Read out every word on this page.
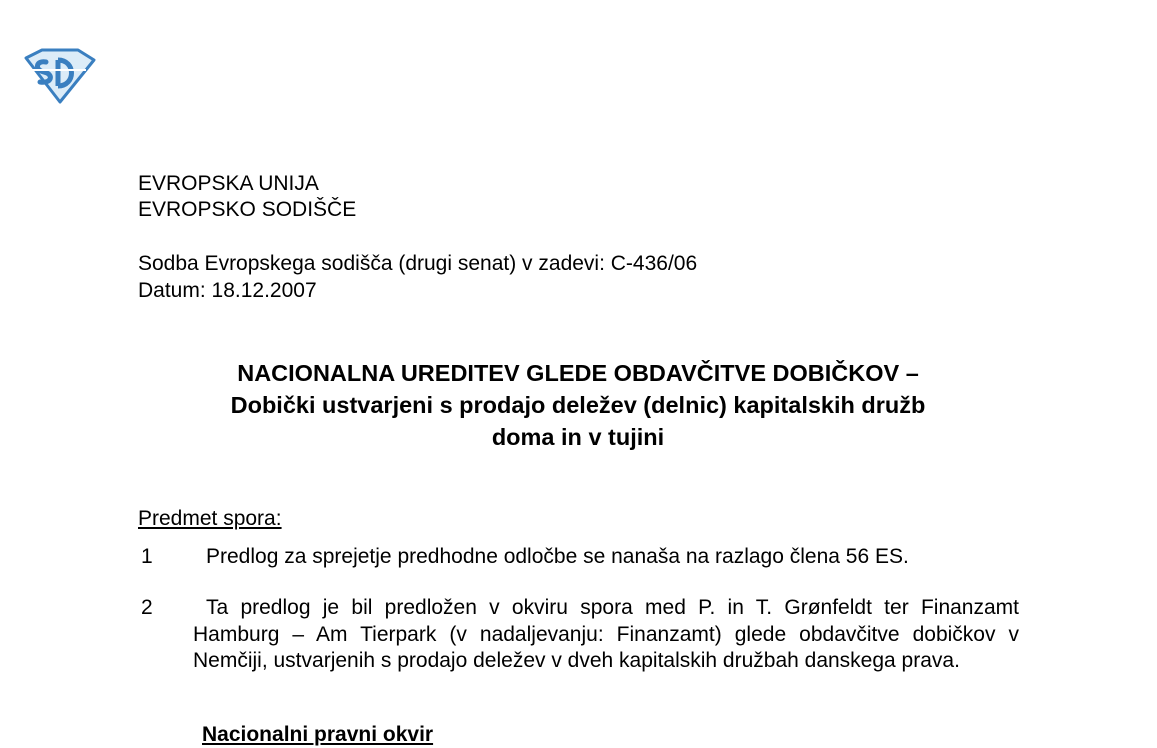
EVROPSKA UNIJA
EVROPSKO SODIŠČE
Sodba Evropskega sodišča (drugi senat) v zadevi: C-436/06
Datum: 18.12.2007
NACIONALNA UREDITEV GLEDE OBDAVČITVE DOBIČKOV –
Dobički ustvarjeni s prodajo deležev (delnic) kapitalskih družb
doma in v tujini
Predmet spora:
1	Predlog za sprejetje predhodne odločbe se nanaša na razlago člena 56 ES.
2	Ta predlog je bil predložen v okviru spora med P. in T. Grønfeldt ter Finanzamt Hamburg – Am Tierpark (v nadaljevanju: Finanzamt) glede obdavčitve dobičkov v Nemčiji, ustvarjenih s prodajo deležev v dveh kapitalskih družbah danskega prava.
Nacionalni pravni okvir
